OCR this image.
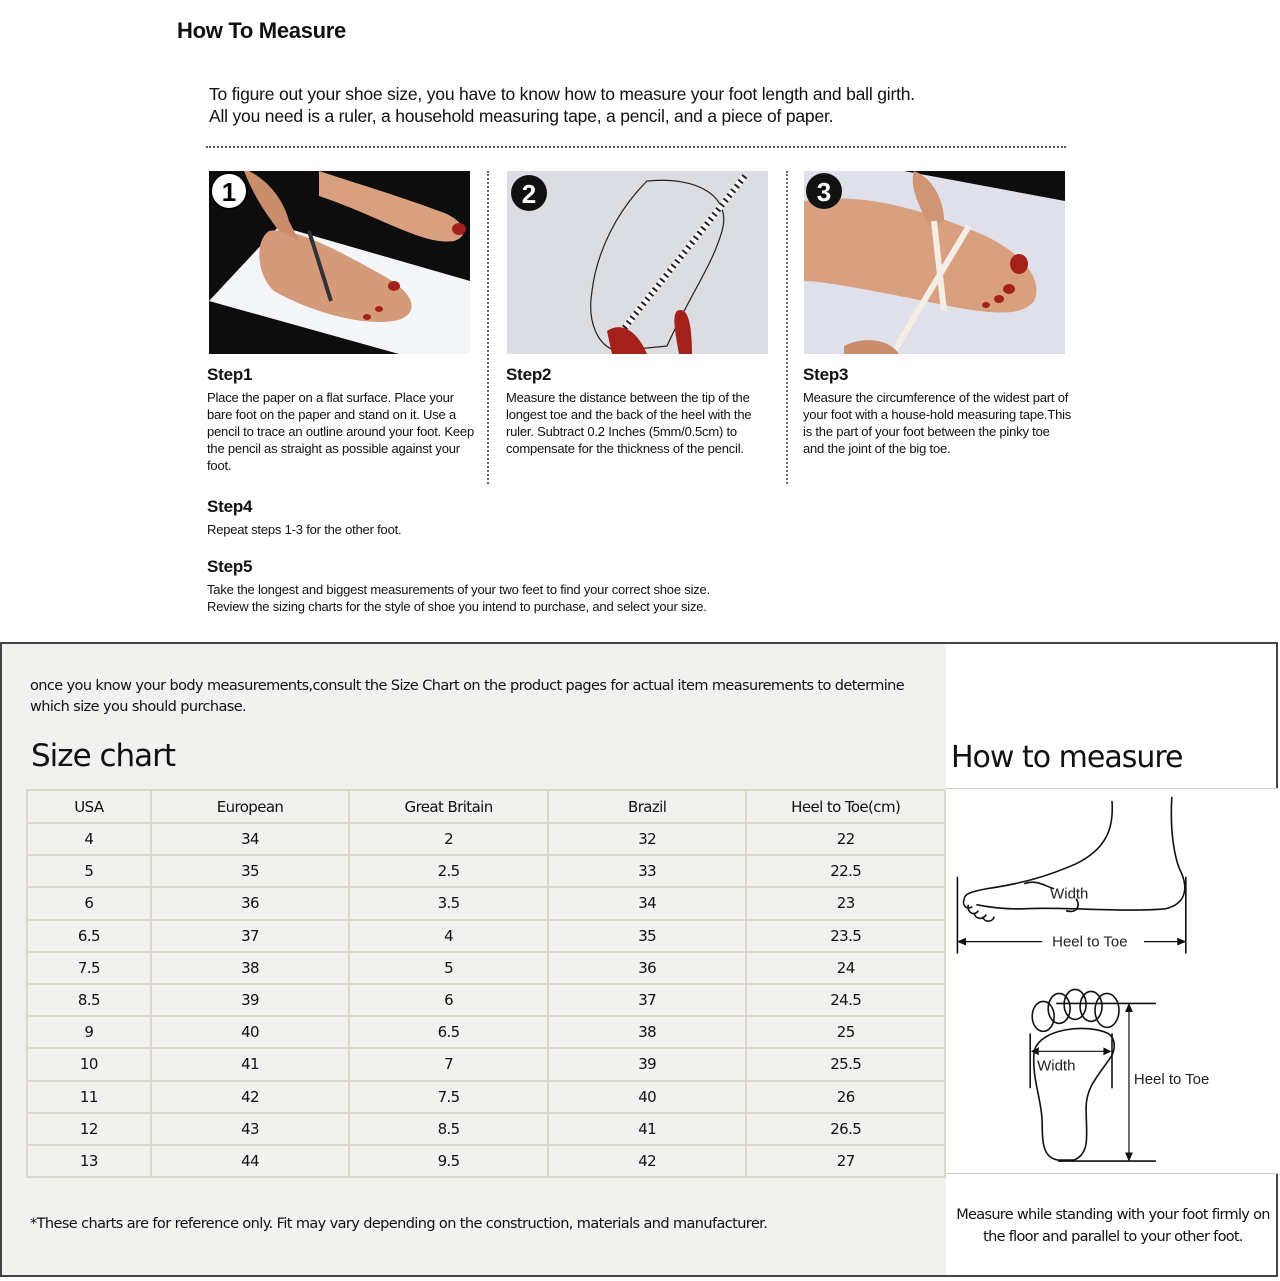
How To Measure
To figure out your shoe size, you have to know how to measure your foot length and ball girth.
All you need is a ruler, a household measuring tape, a pencil, and a piece of paper.
1	2	3
Step1
Place the paper on a flat surface. Place your bare foot on the paper and stand on it. Use a pencil to trace an outline around your foot. Keep the pencil as straight as possible against your foot.
Step2
Measure the distance between the tip of the longest toe and the back of the heel with the ruler. Subtract 0.2 Inches (5mm/0.5cm) to compensate for the thickness of the pencil.
Step3
Measure the circumference of the widest part of your foot with a house-hold measuring tape.This is the part of your foot between the pinky toe and the joint of the big toe.
Step4
Repeat steps 1-3 for the other foot.
Step5
Take the longest and biggest measurements of your two feet to find your correct shoe size.
Review the sizing charts for the style of shoe you intend to purchase, and select your size.
once you know your body measurements,consult the Size Chart on the product pages for actual item measurements to determine which size you should purchase.
Size chart	How to measure
USA	European	Great Britain	Brazil	Heel to Toe(cm)
4	34	2	32	22
5	35	2.5	33	22.5
6	36	3.5	34	23
6.5	37	4	35	23.5
7.5	38	5	36	24
8.5	39	6	37	24.5
9	40	6.5	38	25
10	41	7	39	25.5
11	42	7.5	40	26
12	43	8.5	41	26.5
13	44	9.5	42	27
Width
Heel to Toe
Width
Heel to Toe
*These charts are for reference only. Fit may vary depending on the construction, materials and manufacturer.
Measure while standing with your foot firmly on the floor and parallel to your other foot.
